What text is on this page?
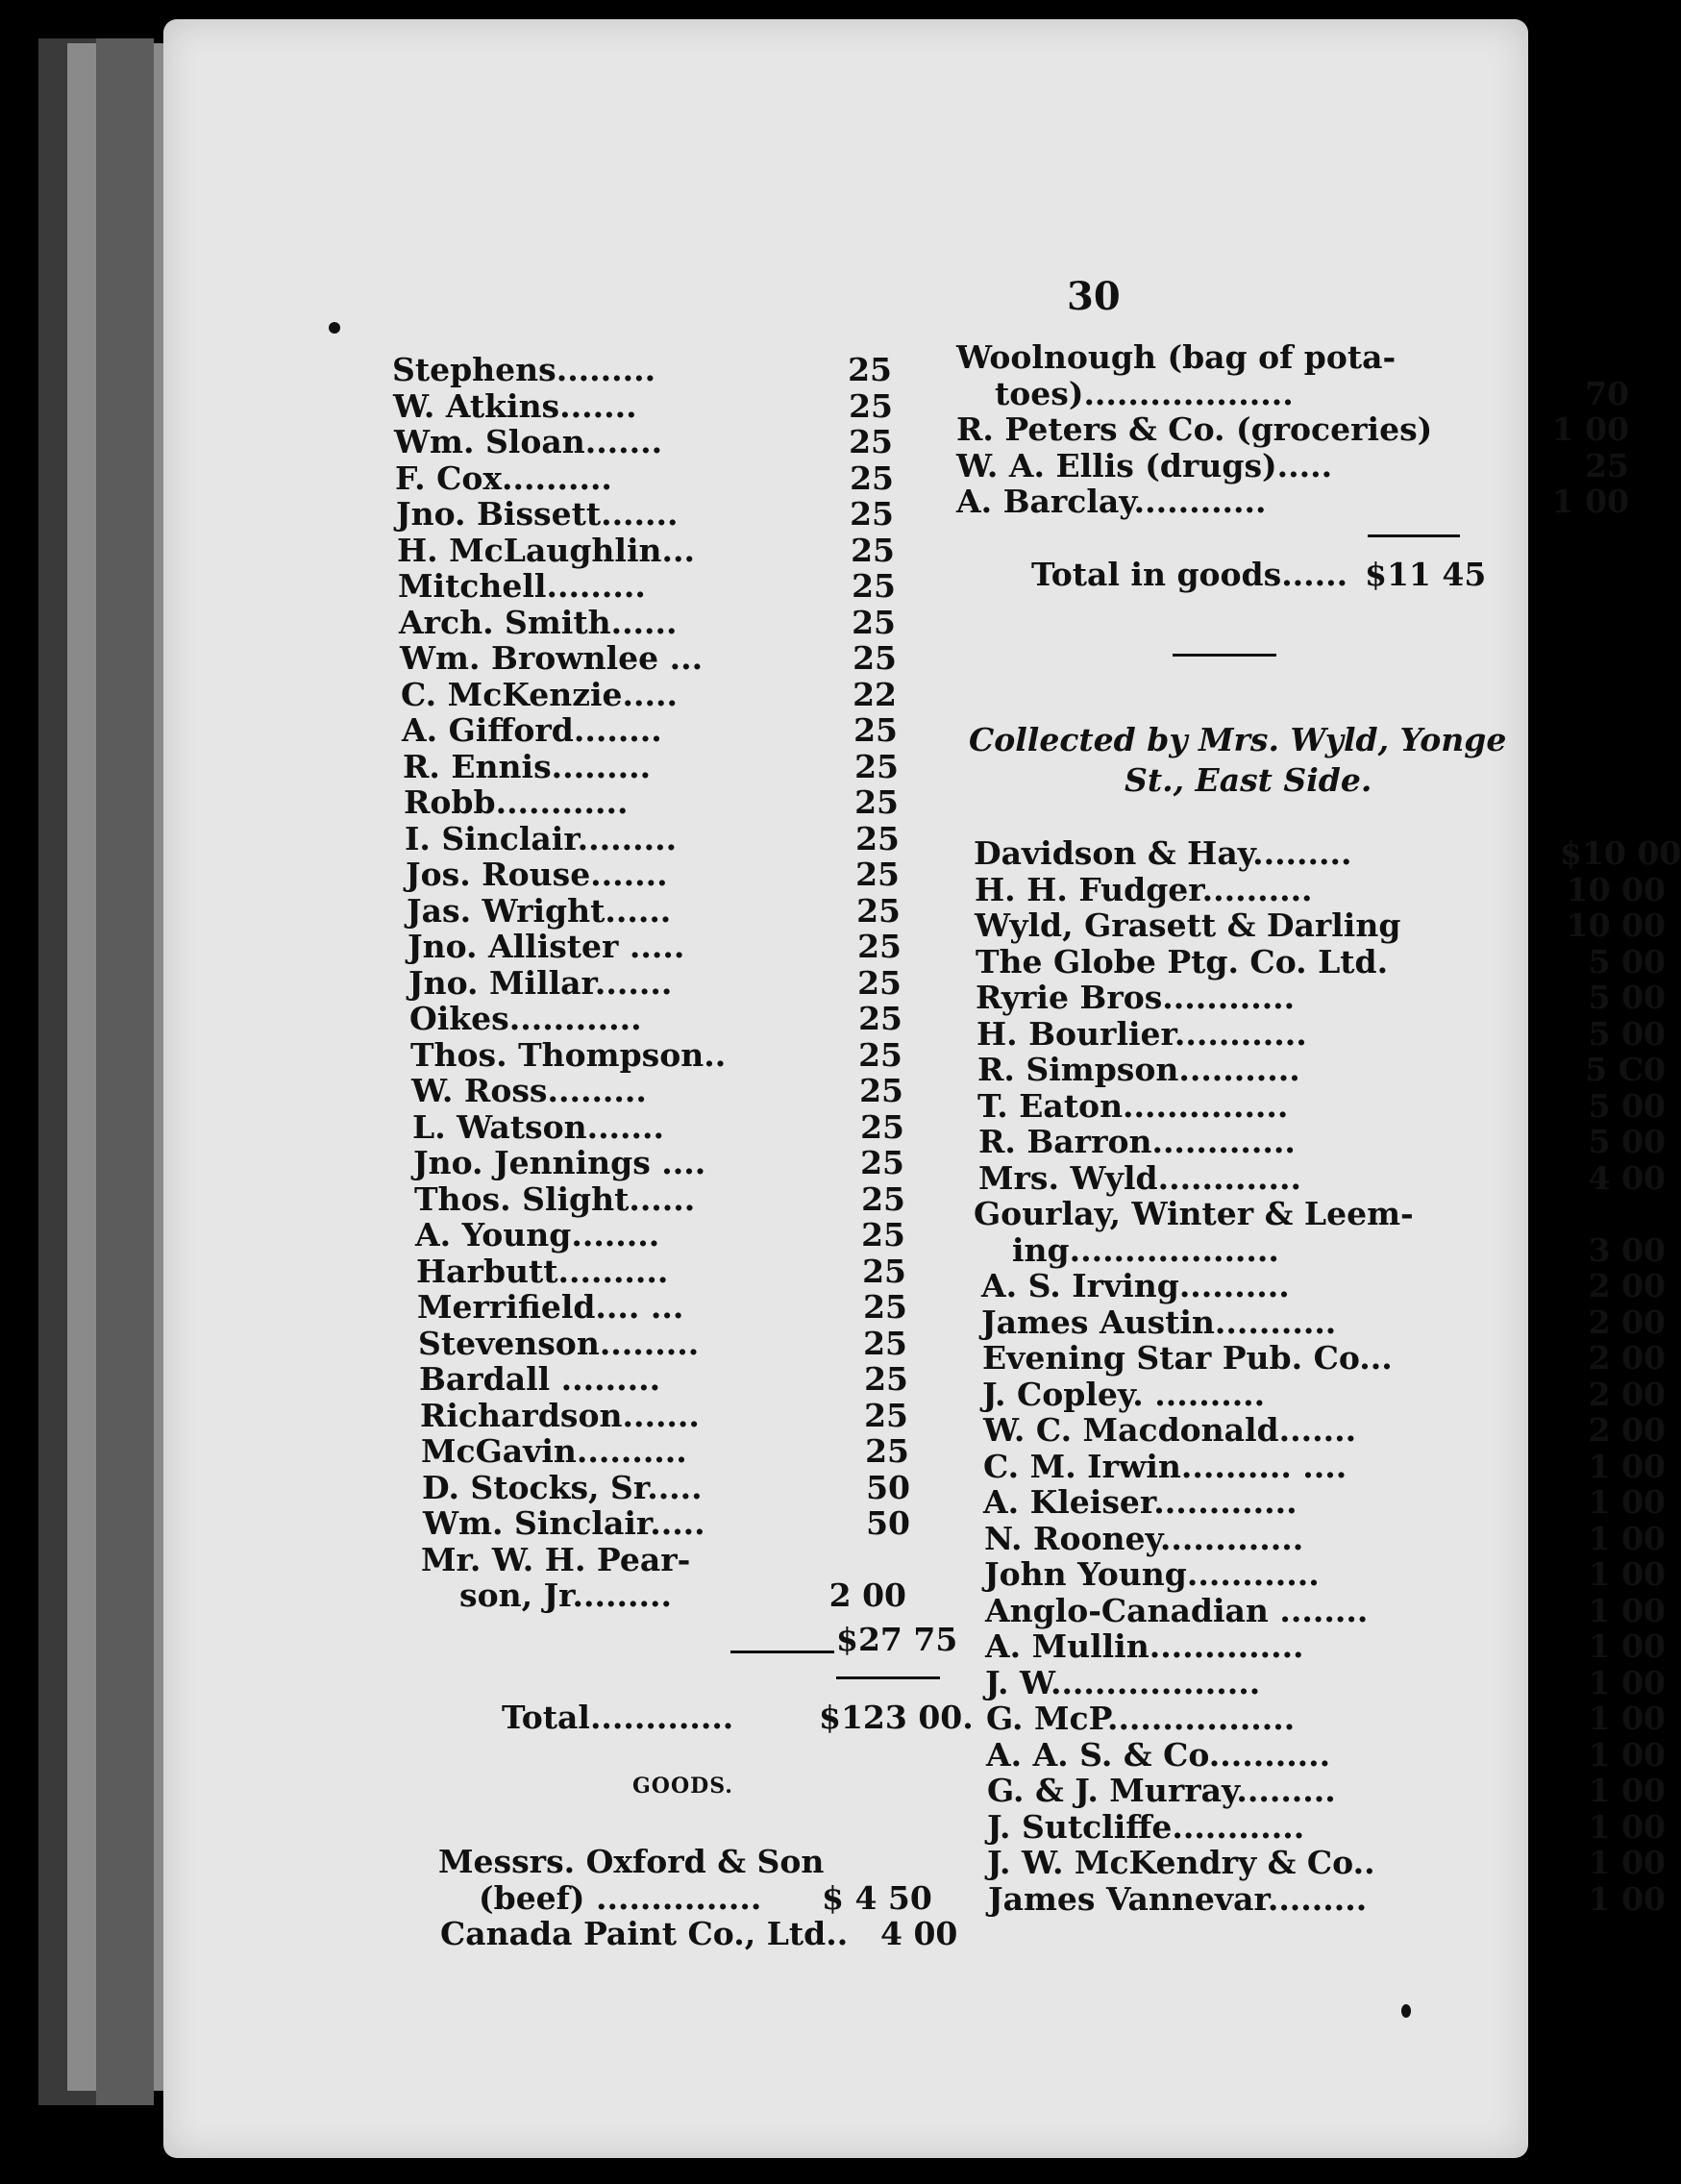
30
Stephens.........	25
W. Atkins.......	25
Wm. Sloan.......	25
F. Cox..........	25
Jno. Bissett.......	25
H. McLaughlin...	25
Mitchell.........	25
Arch. Smith......	25
Wm. Brownlee ...	25
C. McKenzie.....	22
A. Gifford........	25
R. Ennis.........	25
Robb............	25
I. Sinclair.........	25
Jos. Rouse.......	25
Jas. Wright......	25
Jno. Allister .....	25
Jno. Millar.......	25
Oikes............	25
Thos. Thompson..	25
W. Ross.........	25
L. Watson.......	25
Jno. Jennings ....	25
Thos. Slight......	25
A. Young........	25
Harbutt..........	25
Merrifield.... ...	25
Stevenson.........	25
Bardall .........	25
Richardson.......	25
McGavin..........	25
D. Stocks, Sr.....	50
Wm. Sinclair.....	50
Mr. W. H. Pear-
son, Jr.........	2 00
$27 75
Total.............	$123 00.
GOODS.
Messrs. Oxford & Son
(beef) ............... $ 4 50
Canada Paint Co., Ltd.. 4 00
Woolnough (bag of pota-
toes)...................	70
R. Peters & Co. (groceries)	1 00
W. A. Ellis (drugs).....	25
A. Barclay............	1 00
Total in goods...... $11 45
Collected by Mrs. Wyld, Yonge
St., East Side.
Davidson & Hay.........	$10 00
H. H. Fudger..........	10 00
Wyld, Grasett & Darling	10 00
The Globe Ptg. Co. Ltd.	5 00
Ryrie Bros............	5 00
H. Bourlier............	5 00
R. Simpson...........	5 C0
T. Eaton...............	5 00
R. Barron.............	5 00
Mrs. Wyld.............	4 00
Gourlay, Winter & Leem-
ing...................	3 00
A. S. Irving..........	2 00
James Austin...........	2 00
Evening Star Pub. Co...	2 00
J. Copley. ..........	2 00
W. C. Macdonald.......	2 00
C. M. Irwin.......... ....	1 00
A. Kleiser.............	1 00
N. Rooney.............	1 00
John Young............	1 00
Anglo-Canadian ........	1 00
A. Mullin..............	1 00
J. W...................	1 00
G. McP.................	1 00
A. A. S. & Co...........	1 00
G. & J. Murray.........	1 00
J. Sutcliffe............	1 00
J. W. McKendry & Co..	1 00
James Vannevar.........	1 00
